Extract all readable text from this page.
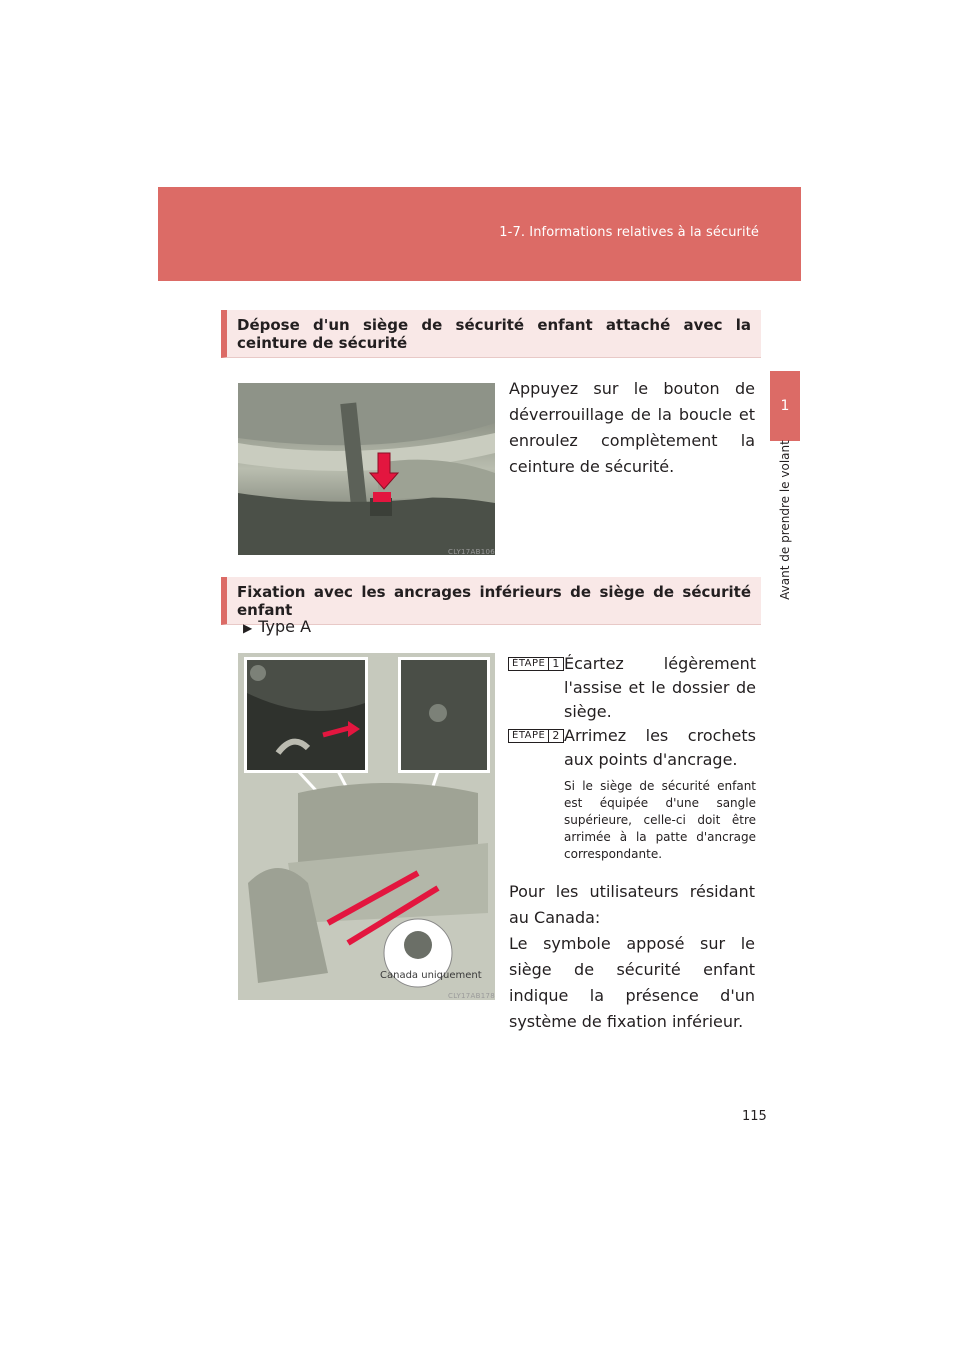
1-7. Informations relatives à la sécurité
1
Avant de prendre le volant
Dépose d'un siège de sécurité enfant attaché avec la ceinture de sécurité
CLY17AB106
Appuyez sur le bouton de déverrouillage de la boucle et enroulez complètement la ceinture de sécurité.
Fixation avec les ancrages inférieurs de siège de sécurité enfant
▶ Type A
Canada uniquement
CLY17AB178
ÉTAPE 1 Écartez légèrement l'assise et le dossier de siège.
ÉTAPE 2 Arrimez les crochets aux points d'ancrage.
Si le siège de sécurité enfant est équipée d'une sangle supérieure, celle-ci doit être arrimée à la patte d'ancrage correspondante.
Pour les utilisateurs résidant au Canada:
Le symbole apposé sur le siège de sécurité enfant indique la présence d'un système de fixation inférieur.
115
